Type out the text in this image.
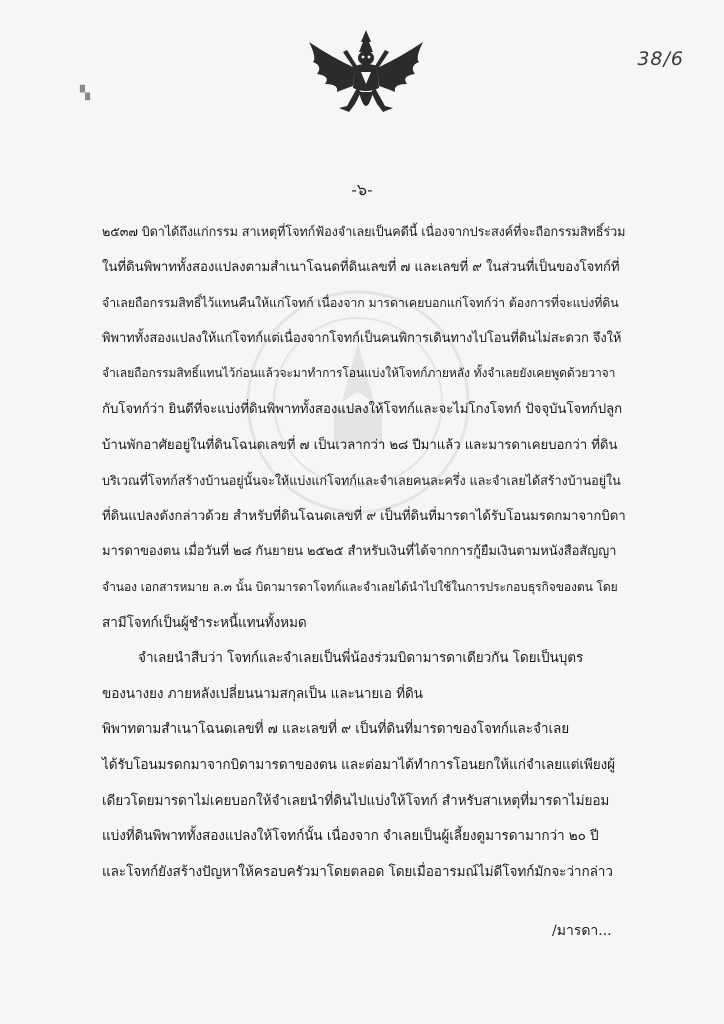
▚
38/6
-๖-
๒๕๓๗ บิดาได้ถึงแก่กรรม สาเหตุที่โจทก์ฟ้องจำเลยเป็นคดีนี้ เนื่องจากประสงค์ที่จะถือกรรมสิทธิ์ร่วม
ในที่ดินพิพาททั้งสองแปลงตามสำเนาโฉนดที่ดินเลขที่ ๗ และเลขที่ ๙ ในส่วนที่เป็นของโจทก์ที่
จำเลยถือกรรมสิทธิ์ไว้แทนคืนให้แก่โจทก์ เนื่องจาก มารดาเคยบอกแก่โจทก์ว่า ต้องการที่จะแบ่งที่ดิน
พิพาททั้งสองแปลงให้แก่โจทก์แต่เนื่องจากโจทก์เป็นคนพิการเดินทางไปโอนที่ดินไม่สะดวก จึงให้
จำเลยถือกรรมสิทธิ์แทนไว้ก่อนแล้วจะมาทำการโอนแบ่งให้โจทก์ภายหลัง ทั้งจำเลยยังเคยพูดด้วยวาจา
กับโจทก์ว่า ยินดีที่จะแบ่งที่ดินพิพาททั้งสองแปลงให้โจทก์และจะไม่โกงโจทก์ ปัจจุบันโจทก์ปลูก
บ้านพักอาศัยอยู่ในที่ดินโฉนดเลขที่ ๗ เป็นเวลากว่า ๒๘ ปีมาแล้ว และมารดาเคยบอกว่า ที่ดิน
บริเวณที่โจทก์สร้างบ้านอยู่นั้นจะให้แบ่งแก่โจทก์และจำเลยคนละครึ่ง และจำเลยได้สร้างบ้านอยู่ใน
ที่ดินแปลงดังกล่าวด้วย สำหรับที่ดินโฉนดเลขที่ ๙ เป็นที่ดินที่มารดาได้รับโอนมรดกมาจากบิดา
มารดาของตน เมื่อวันที่ ๒๘ กันยายน ๒๕๒๕ สำหรับเงินที่ได้จากการกู้ยืมเงินตามหนังสือสัญญา
จำนอง เอกสารหมาย ล.๓ นั้น บิดามารดาโจทก์และจำเลยได้นำไปใช้ในการประกอบธุรกิจของตน โดย
สามีโจทก์เป็นผู้ชำระหนี้แทนทั้งหมด
จำเลยนำสืบว่า โจทก์และจำเลยเป็นพี่น้องร่วมบิดามารดาเดียวกัน โดยเป็นบุตร
ของนางยง ภายหลังเปลี่ยนนามสกุลเป็น และนายเอ ที่ดิน
พิพาทตามสำเนาโฉนดเลขที่ ๗ และเลขที่ ๙ เป็นที่ดินที่มารดาของโจทก์และจำเลย
ได้รับโอนมรดกมาจากบิดามารดาของตน และต่อมาได้ทำการโอนยกให้แก่จำเลยแต่เพียงผู้
เดียวโดยมารดาไม่เคยบอกให้จำเลยนำที่ดินไปแบ่งให้โจทก์ สำหรับสาเหตุที่มารดาไม่ยอม
แบ่งที่ดินพิพาททั้งสองแปลงให้โจทก์นั้น เนื่องจาก จำเลยเป็นผู้เลี้ยงดูมารดามากว่า ๒๐ ปี
และโจทก์ยังสร้างปัญหาให้ครอบครัวมาโดยตลอด โดยเมื่ออารมณ์ไม่ดีโจทก์มักจะว่ากล่าว
/มารดา...
